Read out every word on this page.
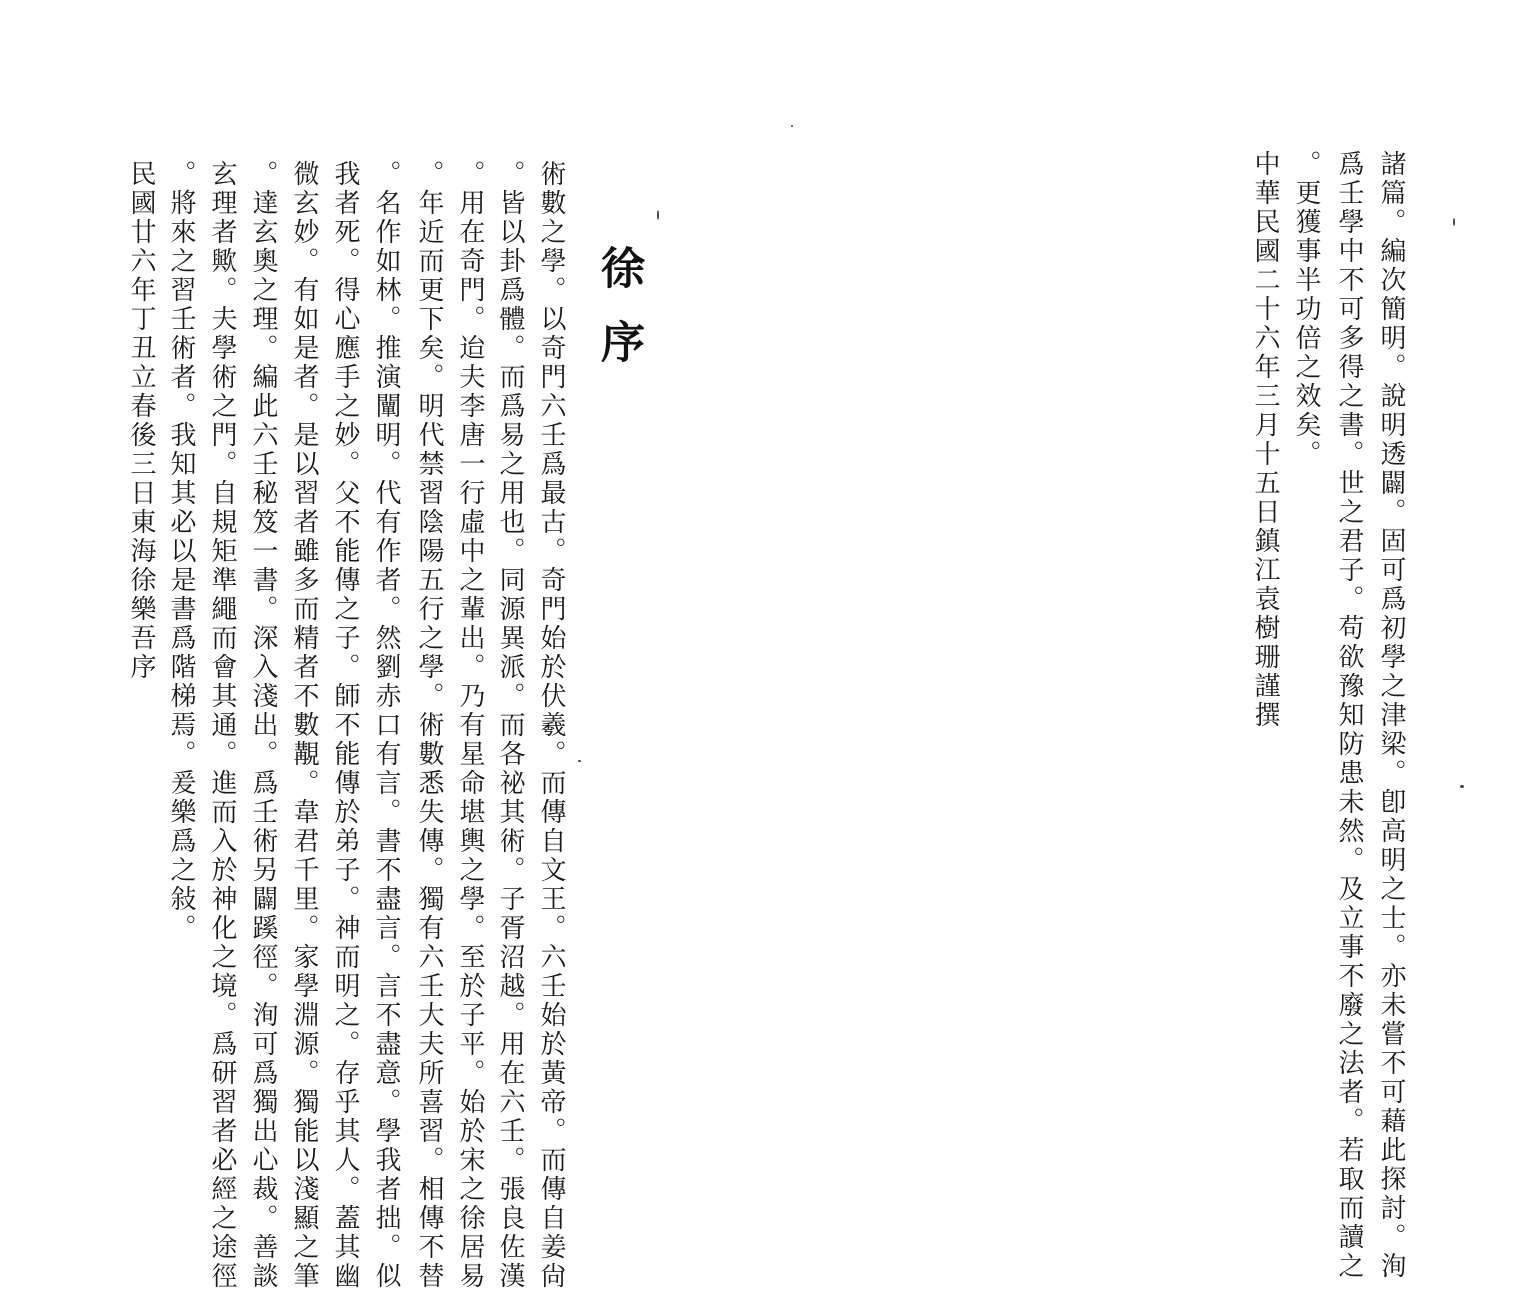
諸篇。編次簡明。說明透闢。固可爲初學之津梁。卽高明之士。亦未嘗不可藉此探討。洵
爲壬學中不可多得之書。世之君子。苟欲豫知防患未然。及立事不廢之法者。若取而讀之
。更獲事半功倍之效矣。
中華民國二十六年三月十五日鎮江袁樹珊謹撰
徐序
術數之學。以奇門六壬爲最古。奇門始於伏羲。而傳自文王。六壬始於黃帝。而傳自姜尙
。皆以卦爲體。而爲易之用也。同源異派。而各祕其術。子胥沼越。用在六壬。張良佐漢
。用在奇門。迨夫李唐一行虛中之輩出。乃有星命堪輿之學。至於子平。始於宋之徐居易
。年近而更下矣。明代禁習陰陽五行之學。術數悉失傳。獨有六壬大夫所喜習。相傳不替
。名作如林。推演闡明。代有作者。然劉赤口有言。書不盡言。言不盡意。學我者拙。似
我者死。得心應手之妙。父不能傳之子。師不能傳於弟子。神而明之。存乎其人。蓋其幽
微玄妙。有如是者。是以習者雖多而精者不數覯。韋君千里。家學淵源。獨能以淺顯之筆
。達玄奧之理。編此六壬秘笈一書。深入淺出。爲壬術另闢蹊徑。洵可爲獨出心裁。善談
玄理者歟。夫學術之門。自規矩準繩而會其通。進而入於神化之境。爲研習者必經之途徑
。將來之習壬術者。我知其必以是書爲階梯焉。爰樂爲之敍。
民國廿六年丁丑立春後三日東海徐樂吾序
